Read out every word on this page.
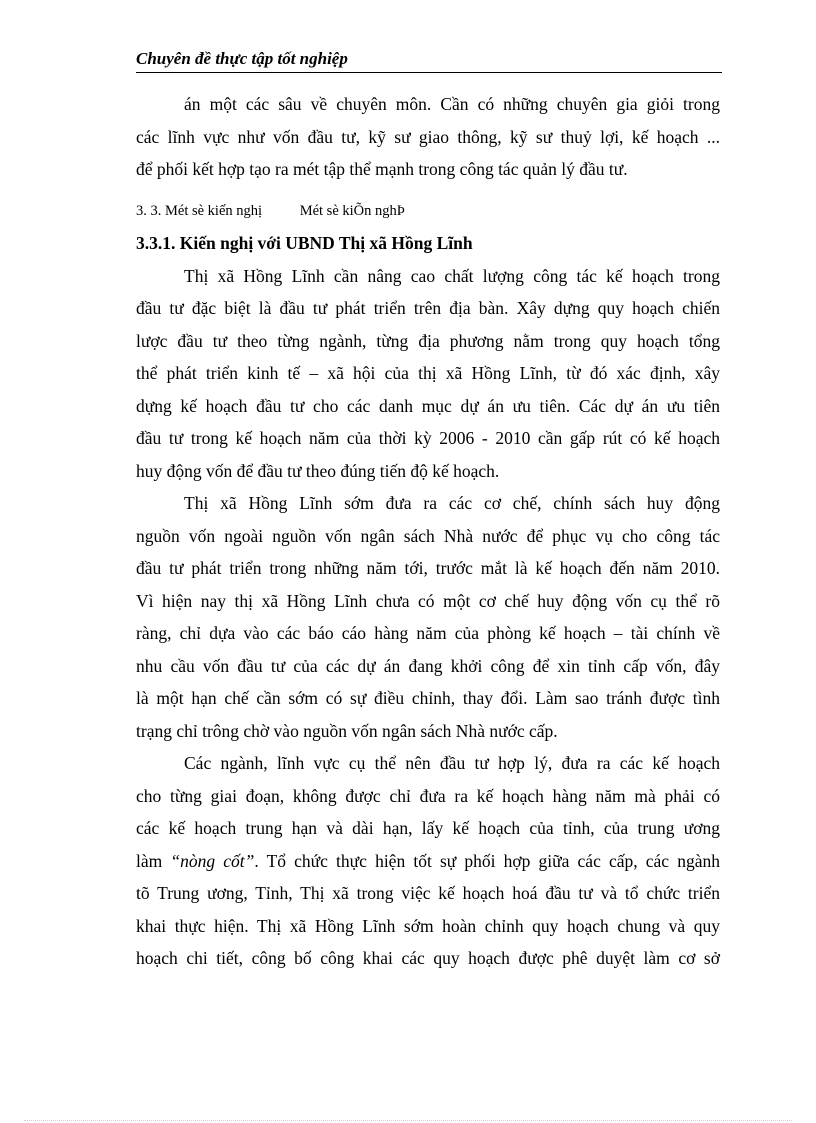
Chuyên đề thực tập tốt nghiệp
án một các sâu về chuyên môn. Cần có những chuyên gia giỏi trong
các lĩnh vực như vốn đầu tư, kỹ sư giao thông, kỹ sư thuỷ lợi, kế hoạch ...
để phối kết hợp tạo ra mét tập thể mạnh trong công tác quản lý đầu tư.
3. 3. Mét sè kiến nghị	Mét sè kiÕn nghÞ
3.3.1. Kiến nghị với UBND Thị xã Hồng Lĩnh
Thị xã Hồng Lĩnh cần nâng cao chất lượng công tác kế hoạch trong
đầu tư đặc biệt là đầu tư phát triển trên địa bàn. Xây dựng quy hoạch chiến
lược đầu tư theo từng ngành, từng địa phương nằm trong quy hoạch tổng
thể phát triển kinh tế – xã hội của thị xã Hồng Lĩnh, từ đó xác định, xây
dựng kế hoạch đầu tư cho các danh mục dự án ưu tiên. Các dự án ưu tiên
đầu tư trong kế hoạch năm của thời kỳ 2006 - 2010 cần gấp rút có kế hoạch
huy động vốn để đầu tư theo đúng tiến độ kế hoạch.
Thị xã Hồng Lĩnh sớm đưa ra các cơ chế, chính sách huy động
nguồn vốn ngoài nguồn vốn ngân sách Nhà nước để phục vụ cho công tác
đầu tư phát triển trong những năm tới, trước mắt là kế hoạch đến năm 2010.
Vì hiện nay thị xã Hồng Lĩnh chưa có một cơ chế huy động vốn cụ thể rõ
ràng, chỉ dựa vào các báo cáo hàng năm của phòng kế hoạch – tài chính về
nhu cầu vốn đầu tư của các dự án đang khởi công để xin tỉnh cấp vốn, đây
là một hạn chế cần sớm có sự điều chỉnh, thay đổi. Làm sao tránh được tình
trạng chỉ trông chờ vào nguồn vốn ngân sách Nhà nước cấp.
Các ngành, lĩnh vực cụ thể nên đầu tư hợp lý, đưa ra các kế hoạch
cho từng giai đoạn, không được chỉ đưa ra kế hoạch hàng năm mà phải có
các kế hoạch trung hạn và dài hạn, lấy kế hoạch của tỉnh, của trung ương
làm “nòng cốt”. Tổ chức thực hiện tốt sự phối hợp giữa các cấp, các ngành
tõ Trung ương, Tỉnh, Thị xã trong việc kế hoạch hoá đầu tư và tổ chức triển
khai thực hiện. Thị xã Hồng Lĩnh sớm hoàn chỉnh quy hoạch chung và quy
hoạch chi tiết, công bố công khai các quy hoạch được phê duyệt làm cơ sở
